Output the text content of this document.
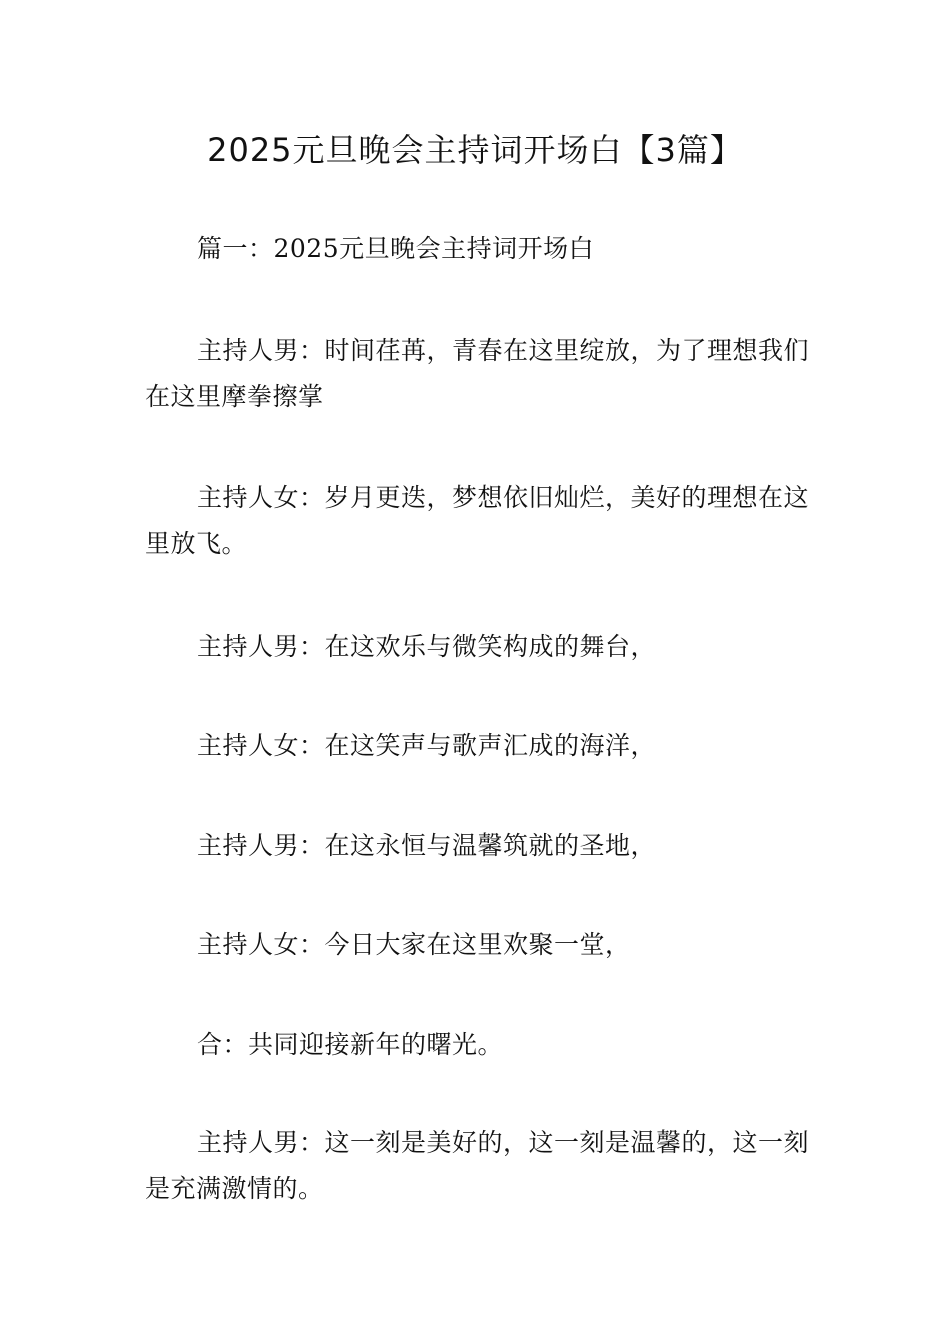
2025元旦晚会主持词开场白【3篇】

篇一：2025元旦晚会主持词开场白

主持人男：时间荏苒，青春在这里绽放，为了理想我们在这里摩拳擦掌

主持人女：岁月更迭，梦想依旧灿烂，美好的理想在这里放飞。

主持人男：在这欢乐与微笑构成的舞台，

主持人女：在这笑声与歌声汇成的海洋，

主持人男：在这永恒与温馨筑就的圣地，

主持人女：今日大家在这里欢聚一堂，

合：共同迎接新年的曙光。

主持人男：这一刻是美好的，这一刻是温馨的，这一刻是充满激情的。
